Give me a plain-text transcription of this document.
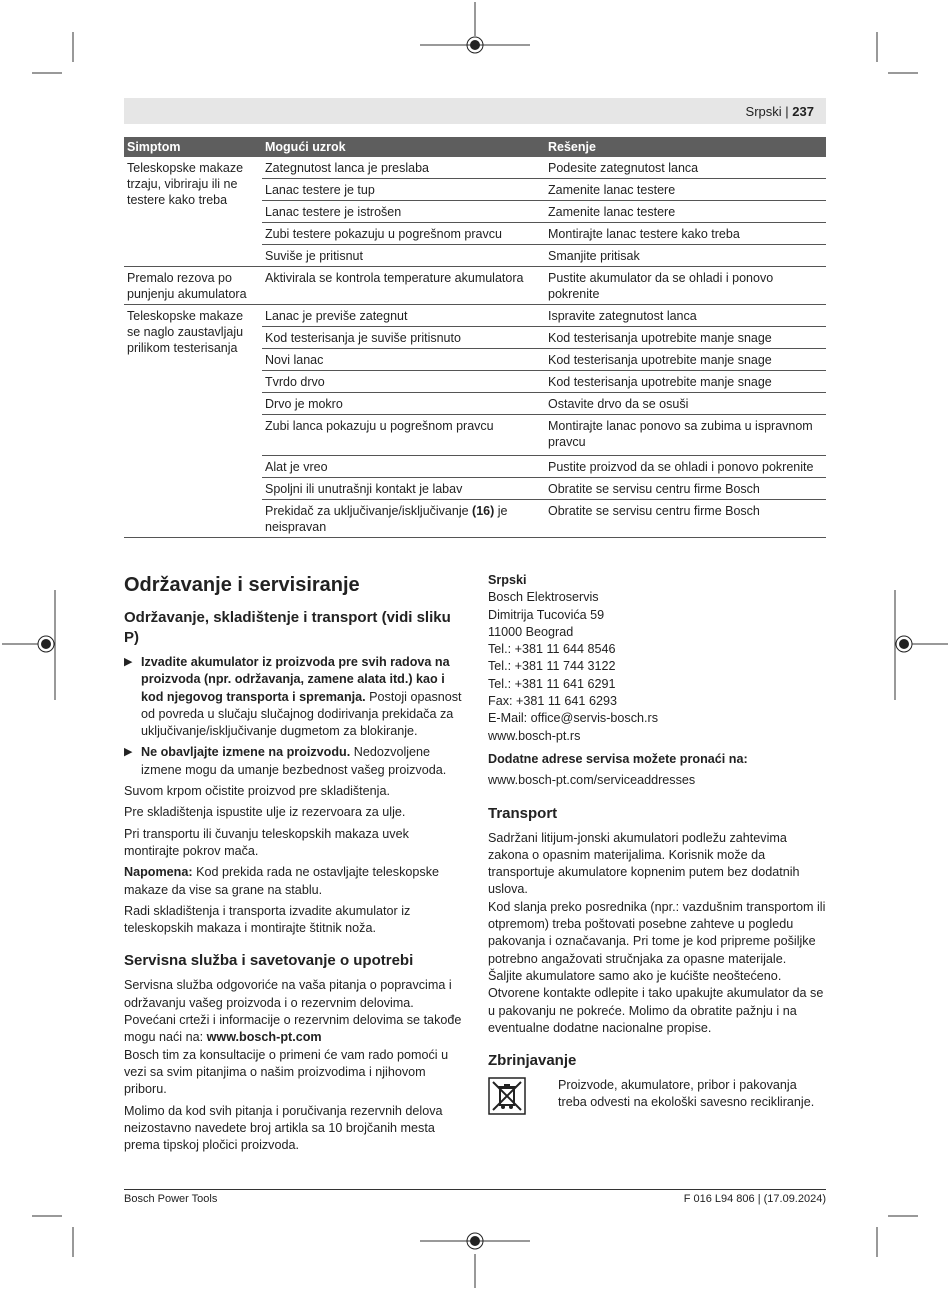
Srpski | 237
Simptom	Mogući uzrok	Rešenje
Teleskopske makaze trzaju, vibriraju ili ne testere kako treba	Zategnutost lanca je preslaba	Podesite zategnutost lanca
	Lanac testere je tup	Zamenite lanac testere
	Lanac testere je istrošen	Zamenite lanac testere
	Zubi testere pokazuju u pogrešnom pravcu	Montirajte lanac testere kako treba
	Suviše je pritisnut	Smanjite pritisak
Premalo rezova po punjenju akumulatora	Aktivirala se kontrola temperature akumulatora	Pustite akumulator da se ohladi i ponovo pokrenite
Teleskopske makaze se naglo zaustavljaju prilikom testerisanja	Lanac je previše zategnut	Ispravite zategnutost lanca
	Kod testerisanja je suviše pritisnuto	Kod testerisanja upotrebite manje snage
	Novi lanac	Kod testerisanja upotrebite manje snage
	Tvrdo drvo	Kod testerisanja upotrebite manje snage
	Drvo je mokro	Ostavite drvo da se osuši
	Zubi lanca pokazuju u pogrešnom pravcu	Montirajte lanac ponovo sa zubima u ispravnom pravcu
	Alat je vreo	Pustite proizvod da se ohladi i ponovo pokrenite
	Spoljni ili unutrašnji kontakt je labav	Obratite se servisu centru firme Bosch
	Prekidač za uključivanje/isključivanje (16) je neispravan	Obratite se servisu centru firme Bosch
Održavanje i servisiranje
Održavanje, skladištenje i transport (vidi sliku P)
▶ Izvadite akumulator iz proizvoda pre svih radova na proizvoda (npr. održavanja, zamene alata itd.) kao i kod njegovog transporta i spremanja. Postoji opasnost od povreda u slučaju slučajnog dodirivanja prekidača za uključivanje/isključivanje dugmetom za blokiranje.
▶ Ne obavljajte izmene na proizvodu. Nedozvoljene izmene mogu da umanje bezbednost vašeg proizvoda.

Suvom krpom očistite proizvod pre skladištenja.

Pre skladištenja ispustite ulje iz rezervoara za ulje.

Pri transportu ili čuvanju teleskopskih makaza uvek montirajte pokrov mača.

Napomena: Kod prekida rada ne ostavljajte teleskopske makaze da vise sa grane na stablu.

Radi skladištenja i transporta izvadite akumulator iz teleskopskih makaza i montirajte štitnik noža.

Servisna služba i savetovanje o upotrebi

Servisna služba odgovoriće na vaša pitanja o popravcima i održavanju vašeg proizvoda i o rezervnim delovima. Povećani crteži i informacije o rezervnim delovima se takođe mogu naći na: www.bosch-pt.com

Bosch tim za konsultacije o primeni će vam rado pomoći u vezi sa svim pitanjima o našim proizvodima i njihovom priboru.

Molimo da kod svih pitanja i poručivanja rezervnih delova neizostavno navedete broj artikla sa 10 brojčanih mesta prema tipskoj pločici proizvoda.

Srpski
Bosch Elektroservis
Dimitrija Tucovića 59
11000 Beograd
Tel.: +381 11 644 8546
Tel.: +381 11 744 3122
Tel.: +381 11 641 6291
Fax: +381 11 641 6293
E-Mail: office@servis-bosch.rs
www.bosch-pt.rs
Dodatne adrese servisa možete pronaći na:

www.bosch-pt.com/serviceaddresses

Transport

Sadržani litijum-jonski akumulatori podležu zahtevima zakona o opasnim materijalima. Korisnik može da transportuje akumulatore kopnenim putem bez dodatnih uslova.

Kod slanja preko posrednika (npr.: vazdušnim transportom ili otpremom) treba poštovati posebne zahteve u pogledu pakovanja i označavanja. Pri tome je kod pripreme pošiljke potrebno angažovati stručnjaka za opasne materijale.

Šaljite akumulatore samo ako je kućište neoštećeno. Otvorene kontakte odlepite i tako upakujte akumulator da se u pakovanju ne pokreće. Molimo da obratite pažnju i na eventualne dodatne nacionalne propise.

Zbrinjavanje
Proizvode, akumulatore, pribor i pakovanja treba odvesti na ekološki savesno recikliranje.
Bosch Power Tools	F 016 L94 806 | (17.09.2024)
